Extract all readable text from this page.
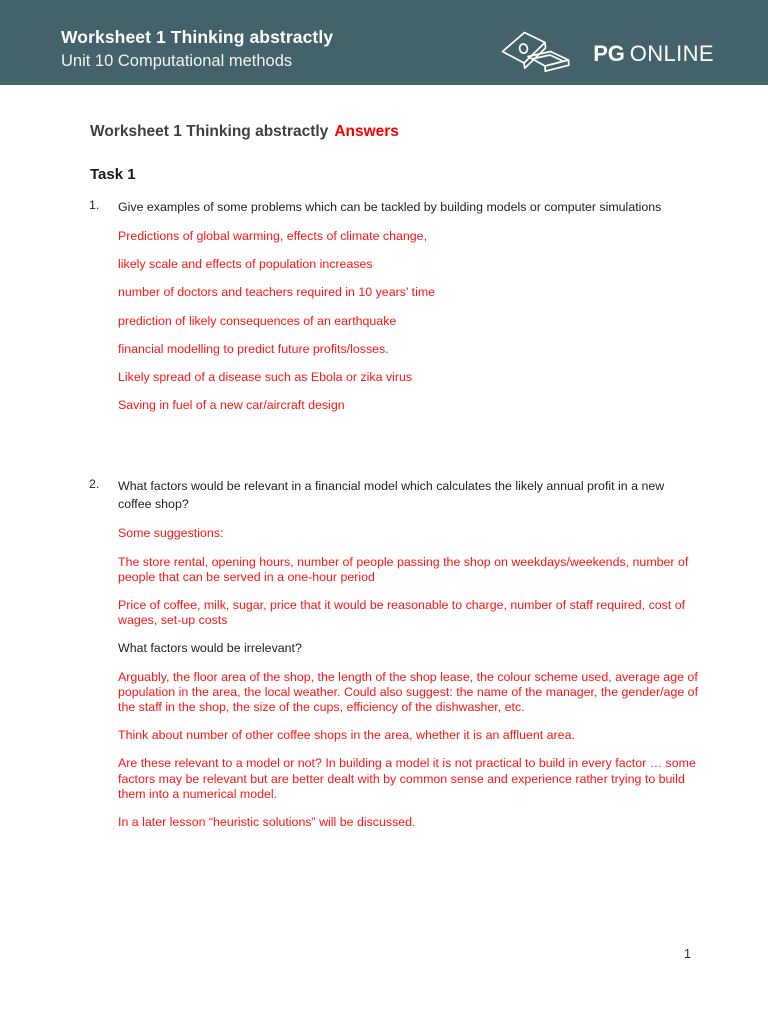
Worksheet 1 Thinking abstractly
Unit 10 Computational methods	PG ONLINE
Worksheet 1 Thinking abstractly Answers
Task 1
1. Give examples of some problems which can be tackled by building models or computer simulations
Predictions of global warming, effects of climate change,
likely scale and effects of population increases
number of doctors and teachers required in 10 years’ time
prediction of likely consequences of an earthquake
financial modelling to predict future profits/losses.
Likely spread of a disease such as Ebola or zika virus
Saving in fuel of a new car/aircraft design
2. What factors would be relevant in a financial model which calculates the likely annual profit in a new coffee shop?
Some suggestions:
The store rental, opening hours, number of people passing the shop on weekdays/weekends, number of people that can be served in a one-hour period
Price of coffee, milk, sugar, price that it would be reasonable to charge, number of staff required, cost of wages, set-up costs
What factors would be irrelevant?
Arguably, the floor area of the shop, the length of the shop lease, the colour scheme used, average age of population in the area, the local weather. Could also suggest: the name of the manager, the gender/age of the staff in the shop, the size of the cups, efficiency of the dishwasher, etc.
Think about number of other coffee shops in the area, whether it is an affluent area.
Are these relevant to a model or not? In building a model it is not practical to build in every factor … some factors may be relevant but are better dealt with by common sense and experience rather trying to build them into a numerical model.
In a later lesson “heuristic solutions” will be discussed.
1
